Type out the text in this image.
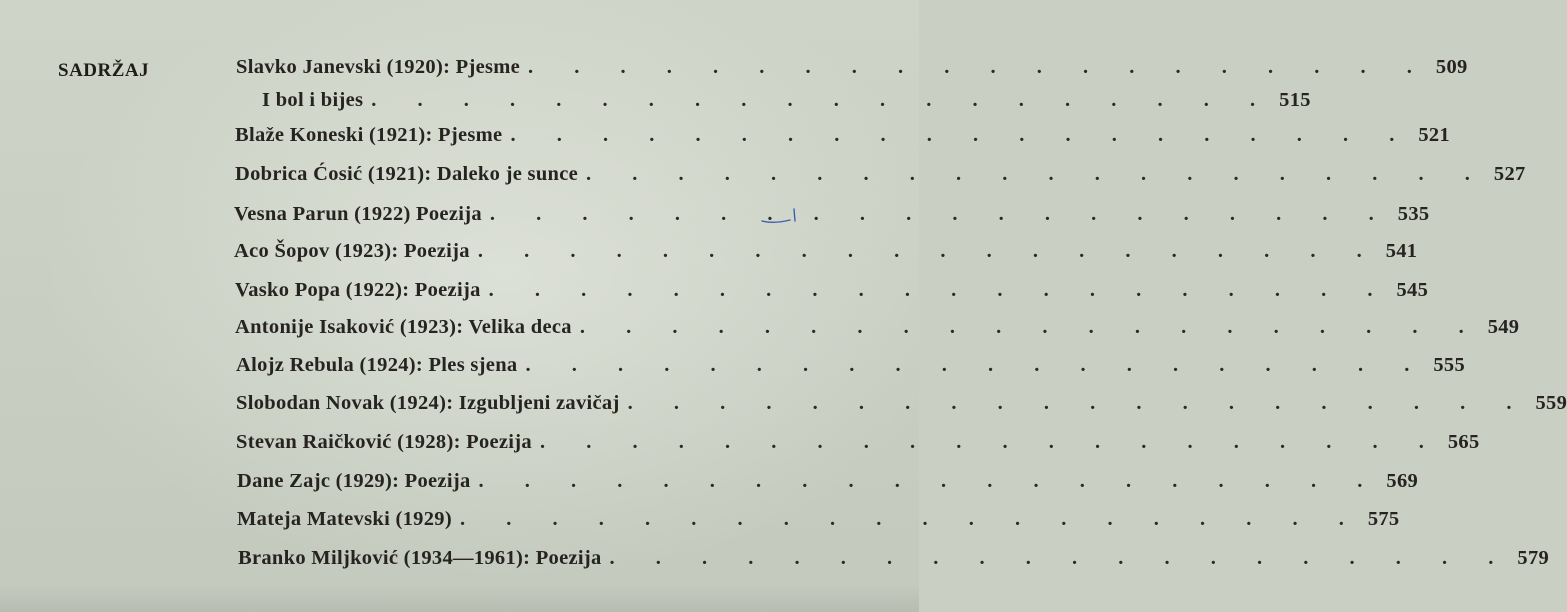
SADRŽAJ	Slavko Janevski (1920): Pjesme . . . . . . . . . . . . . . . . . . . . 509
I bol i bijes . . . . . . . . . . . . . . . . . . . . 515
Blaže Koneski (1921): Pjesme . . . . . . . . . . . . . . . . . . . . 521
Dobrica Ćosić (1921): Daleko je sunce . . . . . . . . . . . . . . . . . . . . 527
Vesna Parun (1922) Poezija . . . . . . . . . . . . . . . . . . . . 535
Aco Šopov (1923): Poezija . . . . . . . . . . . . . . . . . . . . 541
Vasko Popa (1922): Poezija . . . . . . . . . . . . . . . . . . . . 545
Antonije Isaković (1923): Velika deca . . . . . . . . . . . . . . . . . . . . 549
Alojz Rebula (1924): Ples sjena . . . . . . . . . . . . . . . . . . . . 555
Slobodan Novak (1924): Izgubljeni zavičaj . . . . . . . . . . . . . . . . . . . . 559
Stevan Raičković (1928): Poezija . . . . . . . . . . . . . . . . . . . . 565
Dane Zajc (1929): Poezija . . . . . . . . . . . . . . . . . . . . 569
Mateja Matevski (1929) . . . . . . . . . . . . . . . . . . . . 575
Branko Miljković (1934—1961): Poezija . . . . . . . . . . . . . . . . . . . . 579
